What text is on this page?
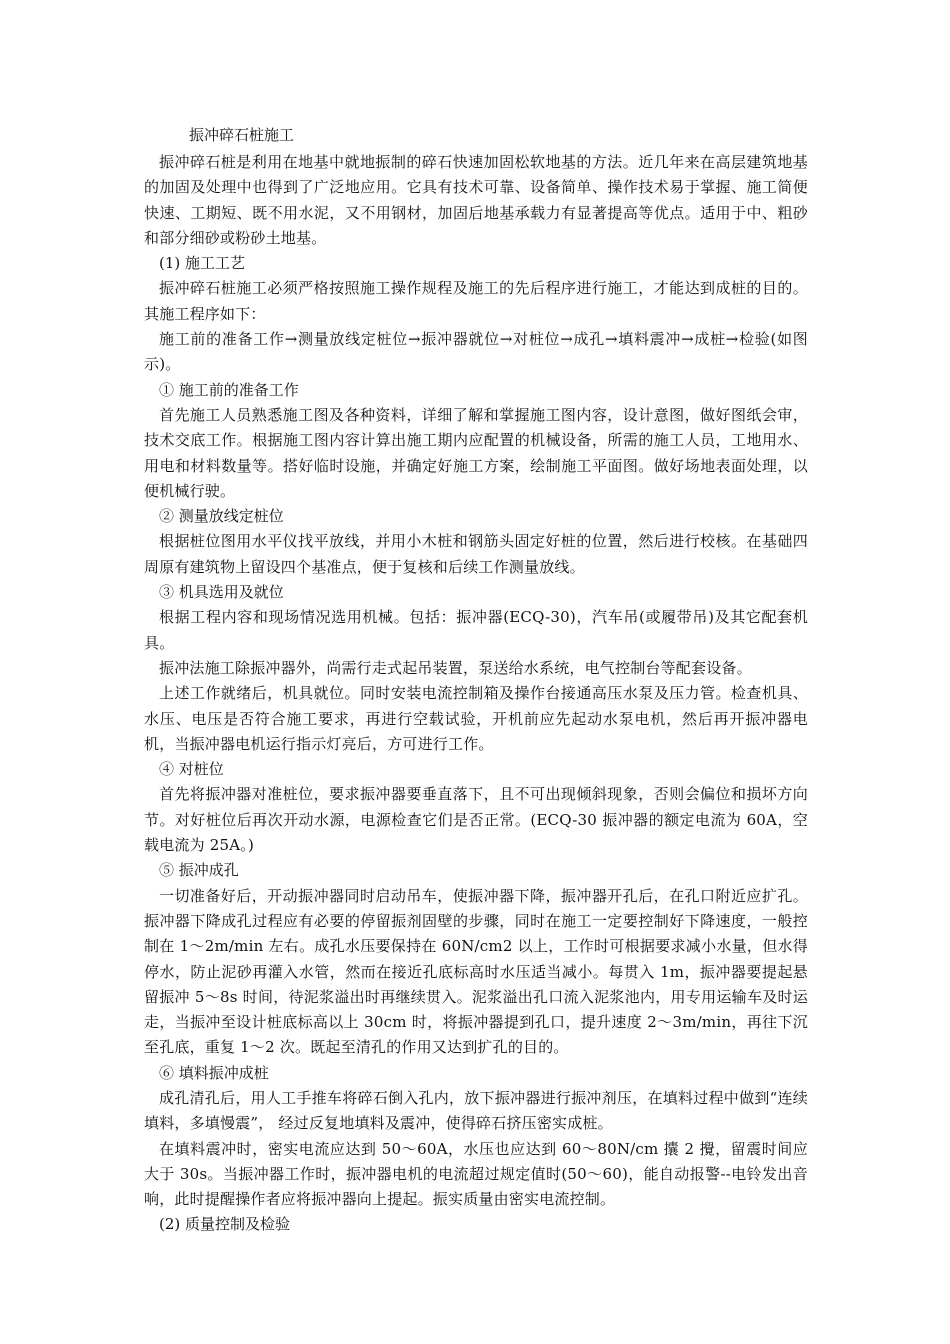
振冲碎石桩施工
振冲碎石桩是利用在地基中就地振制的碎石快速加固松软地基的方法。近几年来在高层建筑地基的加固及处理中也得到了广泛地应用。它具有技术可靠、设备简单、操作技术易于掌握、施工简便快速、工期短、既不用水泥，又不用钢材，加固后地基承载力有显著提高等优点。适用于中、粗砂和部分细砂或粉砂土地基。
(1) 施工工艺
振冲碎石桩施工必须严格按照施工操作规程及施工的先后程序进行施工，才能达到成桩的目的。其施工程序如下：
施工前的准备工作→测量放线定桩位→振冲器就位→对桩位→成孔→填料震冲→成桩→检验(如图示)。
① 施工前的准备工作
首先施工人员熟悉施工图及各种资料，详细了解和掌握施工图内容，设计意图，做好图纸会审，技术交底工作。根据施工图内容计算出施工期内应配置的机械设备，所需的施工人员，工地用水、用电和材料数量等。搭好临时设施，并确定好施工方案，绘制施工平面图。做好场地表面处理，以便机械行驶。
② 测量放线定桩位
根据桩位图用水平仪找平放线，并用小木桩和钢筋头固定好桩的位置，然后进行校核。在基础四周原有建筑物上留设四个基准点，便于复核和后续工作测量放线。
③ 机具选用及就位
根据工程内容和现场情况选用机械。包括：振冲器(ECQ-30)，汽车吊(或履带吊)及其它配套机具。
振冲法施工除振冲器外，尚需行走式起吊装置，泵送给水系统，电气控制台等配套设备。
上述工作就绪后，机具就位。同时安装电流控制箱及操作台接通高压水泵及压力管。检查机具、水压、电压是否符合施工要求，再进行空载试验，开机前应先起动水泵电机，然后再开振冲器电机，当振冲器电机运行指示灯亮后，方可进行工作。
④ 对桩位
首先将振冲器对准桩位，要求振冲器要垂直落下，且不可出现倾斜现象，否则会偏位和损坏方向节。对好桩位后再次开动水源，电源检查它们是否正常。(ECQ-30 振冲器的额定电流为 60A，空载电流为 25A。)
⑤ 振冲成孔
一切准备好后，开动振冲器同时启动吊车，使振冲器下降，振冲器开孔后，在孔口附近应扩孔。振冲器下降成孔过程应有必要的停留振剂固壁的步骤，同时在施工一定要控制好下降速度，一般控制在 1～2m/min 左右。成孔水压要保持在 60N/cm2 以上，工作时可根据要求减小水量，但水得停水，防止泥砂再灌入水管，然而在接近孔底标高时水压适当减小。每贯入 1m，振冲器要提起悬留振冲 5～8s 时间，待泥浆溢出时再继续贯入。泥浆溢出孔口流入泥浆池内，用专用运输车及时运走，当振冲至设计桩底标高以上 30cm 时，将振冲器提到孔口，提升速度 2～3m/min，再往下沉至孔底，重复 1～2 次。既起至清孔的作用又达到扩孔的目的。
⑥ 填料振冲成桩
成孔清孔后，用人工手推车将碎石倒入孔内，放下振冲器进行振冲剂压，在填料过程中做到“连续填料，多填慢震”， 经过反复地填料及震冲，使得碎石挤压密实成桩。
在填料震冲时，密实电流应达到 50～60A，水压也应达到 60～80N/cm 攮 2 攪，留震时间应大于 30s。当振冲器工作时，振冲器电机的电流超过规定值时(50～60)，能自动报警--电铃发出音响，此时提醒操作者应将振冲器向上提起。振实质量由密实电流控制。
(2) 质量控制及检验
